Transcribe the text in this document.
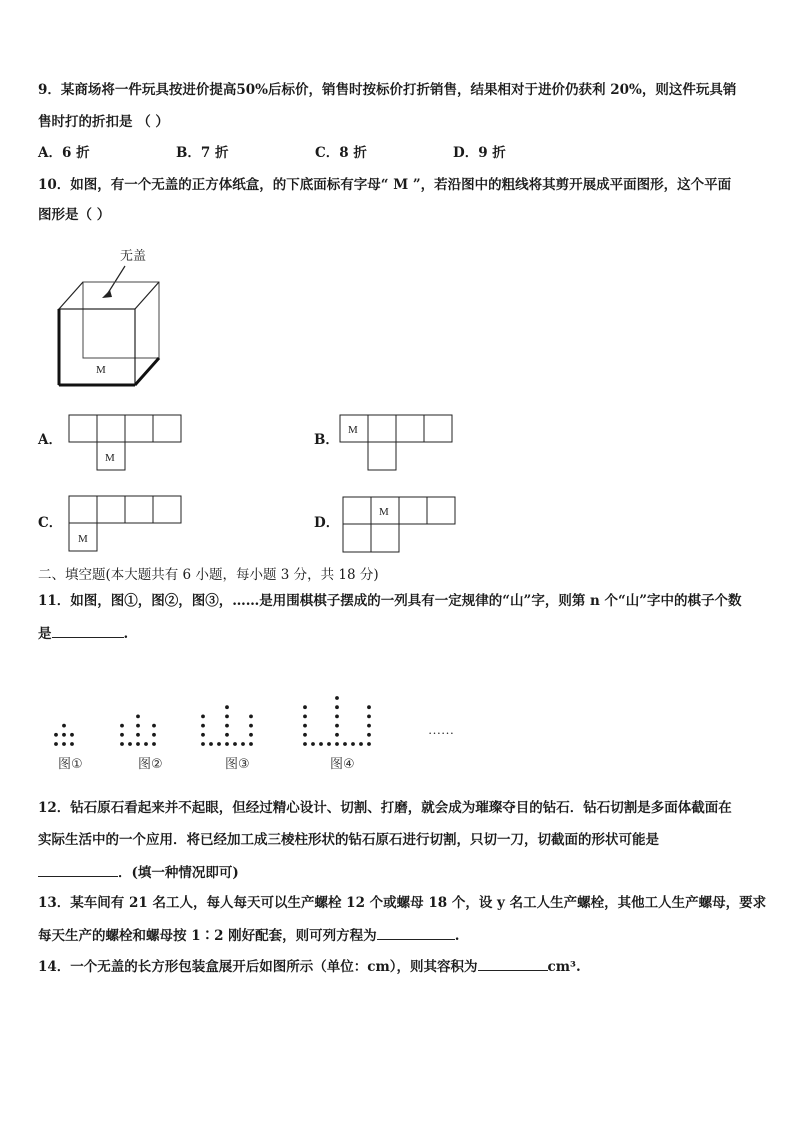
9．某商场将一件玩具按进价提高50%后标价，销售时按标价打折销售，结果相对于进价仍获利 20%，则这件玩具销
售时打的折扣是 （ ）
A．6 折	B．7 折	C．8 折	D．9 折
10．如图，有一个无盖的正方体纸盒，的下底面标有字母“ M ”，若沿图中的粗线将其剪开展成平面图形，这个平面
图形是（ ）
无盖
M
A．
M
B．
M
C．
M
D．
M
二、填空题(本大题共有 6 小题，每小题 3 分，共 18 分)
11．如图，图①，图②，图③，……是用围棋棋子摆成的一列具有一定规律的“山”字，则第 n 个“山”字中的棋子个数
是	.
图①	图②	图③	图④
……
12．钻石原石看起来并不起眼，但经过精心设计、切割、打磨，就会成为璀璨夺目的钻石．钻石切割是多面体截面在
实际生活中的一个应用．将已经加工成三棱柱形状的钻石原石进行切割，只切一刀，切截面的形状可能是
．(填一种情况即可)
13．某车间有 21 名工人，每人每天可以生产螺栓 12 个或螺母 18 个，设 y 名工人生产螺栓，其他工人生产螺母，要求
每天生产的螺栓和螺母按 1∶2 刚好配套，则可列方程为	.
14．一个无盖的长方形包装盒展开后如图所示（单位：cm），则其容积为	cm³.
